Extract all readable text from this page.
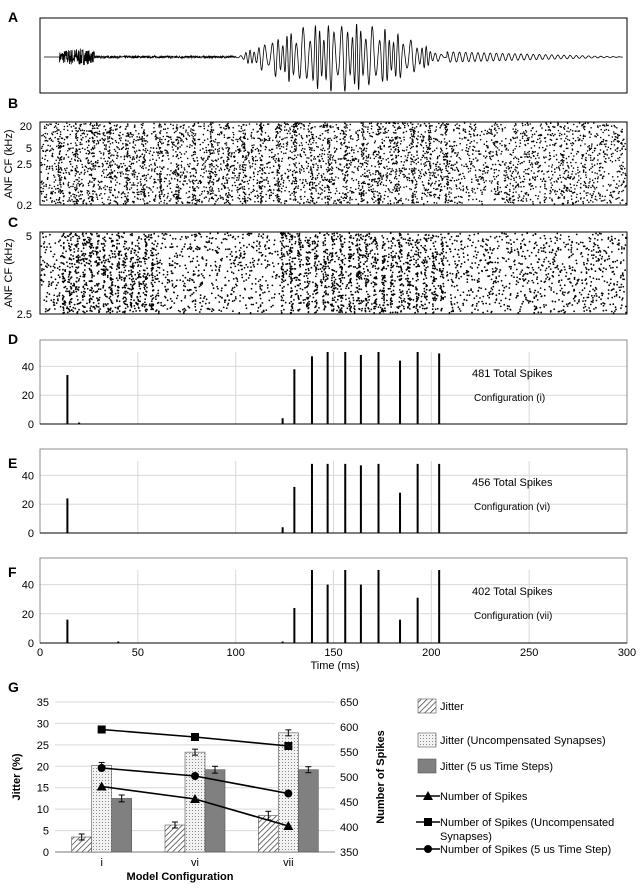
A
B
C
D
E
F
G
20
5
2.5
0.2
ANF CF (kHz)
5
2.5
ANF CF (kHz)
0
20
40
481 Total Spikes
Configuration (i)
0
20
40
456 Total Spikes
Configuration (vi)
0
20
40
402 Total Spikes
Configuration (vii)
0	50	100	150	200	250	300
Time (ms)
0
5
10
15
20
25
30
35
350
400
450
500
550
600
650
Jitter (%)	Number of Spikes
i	vi	vii
Model Configuration
Jitter
Jitter (Uncompensated Synapses)
Jitter (5 us Time Steps)
Number of Spikes
Number of Spikes (Uncompensated Synapses)
Number of Spikes (5 us Time Step)
